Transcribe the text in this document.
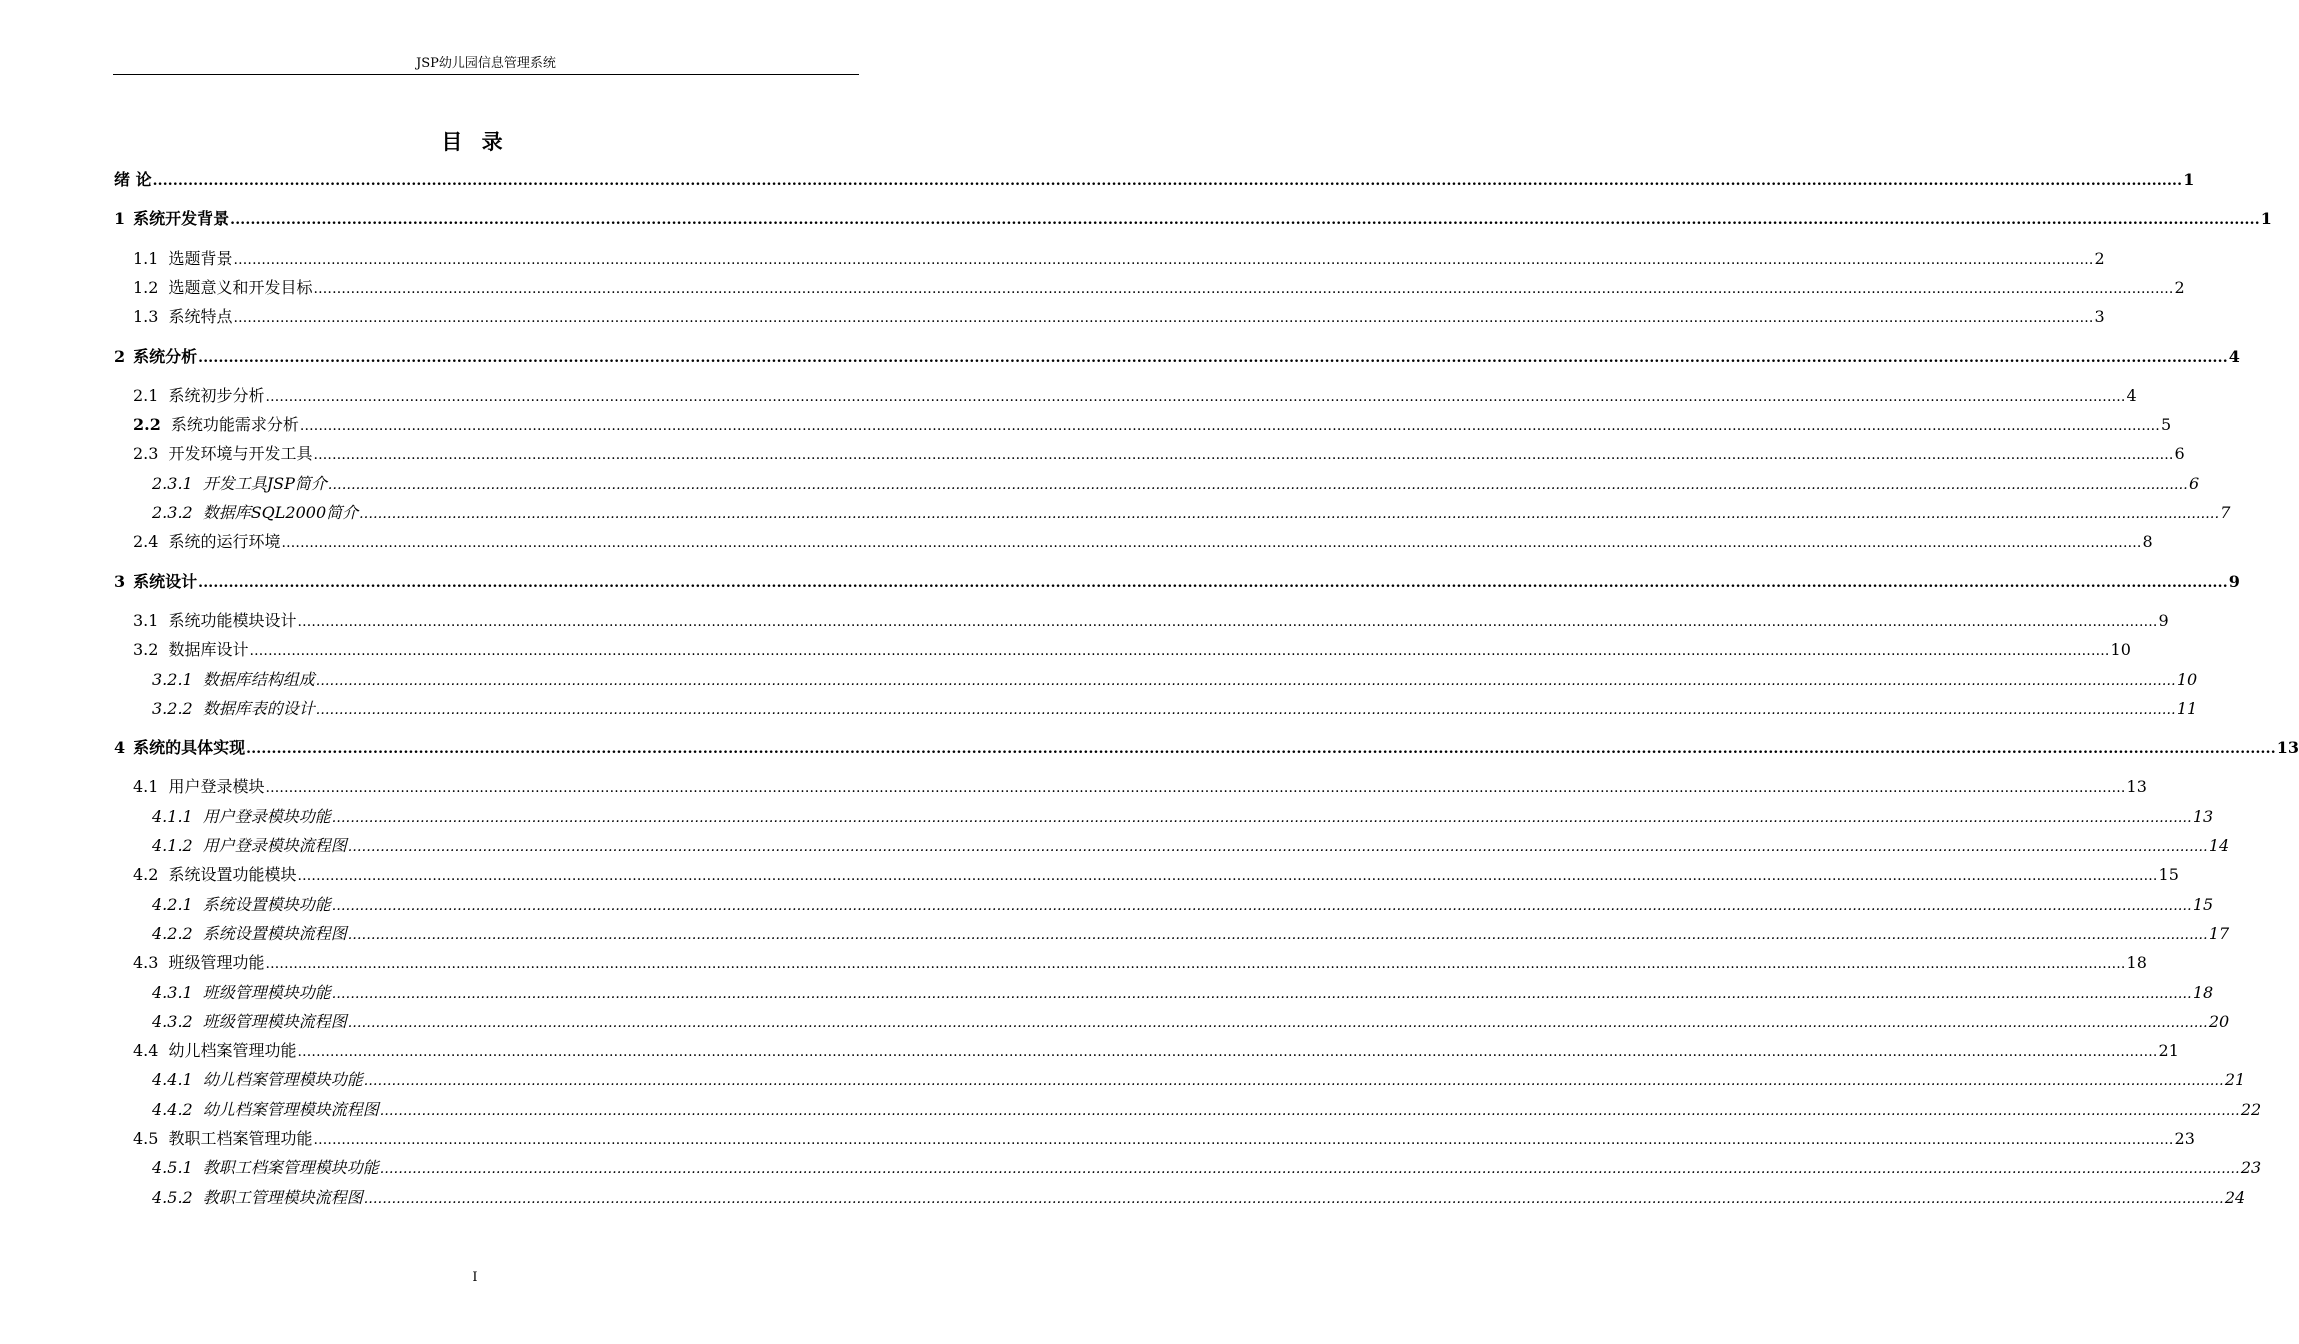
JSP幼儿园信息管理系统
目 录
绪 论 ................................................................................................................................................................................................................................................................................................................................................................................................................ 1
1 系统开发背景 ................................................................................................................................................................................................................................................................................................................................................................................................................ 1
1.1 选题背景 ................................................................................................................................................................................................................................................................................................................................................................................................................ 2
1.2 选题意义和开发目标 ................................................................................................................................................................................................................................................................................................................................................................................................................ 2
1.3 系统特点 ................................................................................................................................................................................................................................................................................................................................................................................................................ 3
2 系统分析 ................................................................................................................................................................................................................................................................................................................................................................................................................ 4
2.1 系统初步分析 ................................................................................................................................................................................................................................................................................................................................................................................................................ 4
2.2 系统功能需求分析 ................................................................................................................................................................................................................................................................................................................................................................................................................ 5
2.3 开发环境与开发工具 ................................................................................................................................................................................................................................................................................................................................................................................................................ 6
2.3.1 开发工具JSP简介 ................................................................................................................................................................................................................................................................................................................................................................................................................ 6
2.3.2 数据库SQL2000简介 ................................................................................................................................................................................................................................................................................................................................................................................................................ 7
2.4 系统的运行环境 ................................................................................................................................................................................................................................................................................................................................................................................................................ 8
3 系统设计 ................................................................................................................................................................................................................................................................................................................................................................................................................ 9
3.1 系统功能模块设计 ................................................................................................................................................................................................................................................................................................................................................................................................................ 9
3.2 数据库设计 ................................................................................................................................................................................................................................................................................................................................................................................................................ 10
3.2.1 数据库结构组成 ................................................................................................................................................................................................................................................................................................................................................................................................................ 10
3.2.2 数据库表的设计 ................................................................................................................................................................................................................................................................................................................................................................................................................ 11
4 系统的具体实现 ................................................................................................................................................................................................................................................................................................................................................................................................................ 13
4.1 用户登录模块 ................................................................................................................................................................................................................................................................................................................................................................................................................ 13
4.1.1 用户登录模块功能 ................................................................................................................................................................................................................................................................................................................................................................................................................ 13
4.1.2 用户登录模块流程图 ................................................................................................................................................................................................................................................................................................................................................................................................................ 14
4.2 系统设置功能模块 ................................................................................................................................................................................................................................................................................................................................................................................................................ 15
4.2.1 系统设置模块功能 ................................................................................................................................................................................................................................................................................................................................................................................................................ 15
4.2.2 系统设置模块流程图 ................................................................................................................................................................................................................................................................................................................................................................................................................ 17
4.3 班级管理功能 ................................................................................................................................................................................................................................................................................................................................................................................................................ 18
4.3.1 班级管理模块功能 ................................................................................................................................................................................................................................................................................................................................................................................................................ 18
4.3.2 班级管理模块流程图 ................................................................................................................................................................................................................................................................................................................................................................................................................ 20
4.4 幼儿档案管理功能 ................................................................................................................................................................................................................................................................................................................................................................................................................ 21
4.4.1 幼儿档案管理模块功能 ................................................................................................................................................................................................................................................................................................................................................................................................................ 21
4.4.2 幼儿档案管理模块流程图 ................................................................................................................................................................................................................................................................................................................................................................................................................ 22
4.5 教职工档案管理功能 ................................................................................................................................................................................................................................................................................................................................................................................................................ 23
4.5.1 教职工档案管理模块功能 ................................................................................................................................................................................................................................................................................................................................................................................................................ 23
4.5.2 教职工管理模块流程图 ................................................................................................................................................................................................................................................................................................................................................................................................................ 24
I
